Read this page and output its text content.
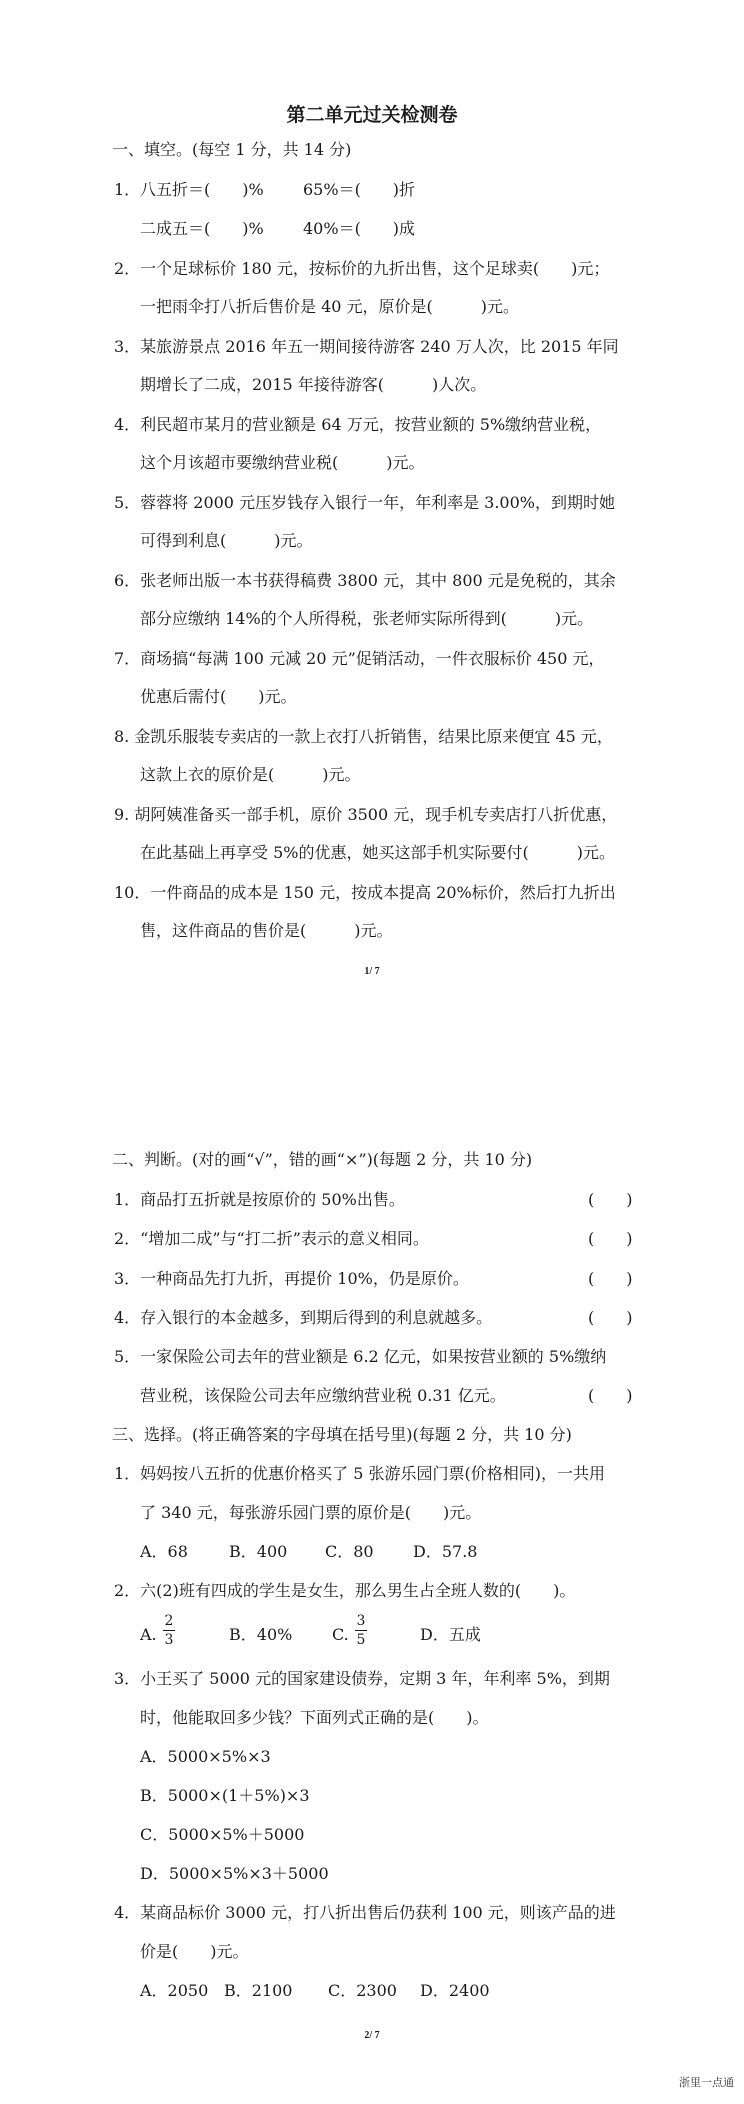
第二单元过关检测卷
一、填空。(每空 1 分，共 14 分)
1． 八五折＝(　　)% 65%＝(　　)折
二成五＝(　　)% 40%＝(　　)成
2．一个足球标价 180 元，按标价的九折出售，这个足球卖(　　)元；
一把雨伞打八折后售价是 40 元，原价是(　　　)元。
3．某旅游景点 2016 年五一期间接待游客 240 万人次，比 2015 年同
期增长了二成，2015 年接待游客(　　　)人次。
4．利民超市某月的营业额是 64 万元，按营业额的 5%缴纳营业税，
这个月该超市要缴纳营业税(　　　)元。
5．蓉蓉将 2000 元压岁钱存入银行一年，年利率是 3.00%，到期时她
可得到利息(　　　)元。
6．张老师出版一本书获得稿费 3800 元，其中 800 元是免税的，其余
部分应缴纳 14%的个人所得税，张老师实际所得到(　　　)元。
7．商场搞“每满 100 元减 20 元”促销活动，一件衣服标价 450 元，
优惠后需付(　　)元。
8. 金凯乐服装专卖店的一款上衣打八折销售，结果比原来便宜 45 元，
这款上衣的原价是(　　　)元。
9. 胡阿姨准备买一部手机，原价 3500 元，现手机专卖店打八折优惠，
在此基础上再享受 5%的优惠，她买这部手机实际要付(　　　)元。
10．一件商品的成本是 150 元，按成本提高 20%标价，然后打九折出
售，这件商品的售价是(　　　)元。
1/ 7
二、判断。(对的画“√”，错的画“×”)(每题 2 分，共 10 分)
1．商品打五折就是按原价的 50%出售。	(　　)
2．“增加二成”与“打二折”表示的意义相同。	(　　)
3．一种商品先打九折，再提价 10%，仍是原价。	(　　)
4．存入银行的本金越多，到期后得到的利息就越多。	(　　)
5．一家保险公司去年的营业额是 6.2 亿元，如果按营业额的 5%缴纳
营业税，该保险公司去年应缴纳营业税 0.31 亿元。	(　　)
三、选择。(将正确答案的字母填在括号里)(每题 2 分，共 10 分)
1．妈妈按八五折的优惠价格买了 5 张游乐园门票(价格相同)，一共用
了 340 元，每张游乐园门票的原价是(　　)元。
A．68	B．400 C．80 D．57.8
2．六(2)班有四成的学生是女生，那么男生占全班人数的(　　)。
A.
2
3	B．40% C.
3
5	D．五成
3．小王买了 5000 元的国家建设债券，定期 3 年，年利率 5%，到期
时，他能取回多少钱？下面列式正确的是(　　)。
A．5000×5%×3
B．5000×(1＋5%)×3
C．5000×5%＋5000
D．5000×5%×3＋5000
4．某商品标价 3000 元，打八折出售后仍获利 100 元，则该产品的进
价是(　　)元。
A．2050 B．2100 C．2300 D．2400
2/ 7
浙里一点通
